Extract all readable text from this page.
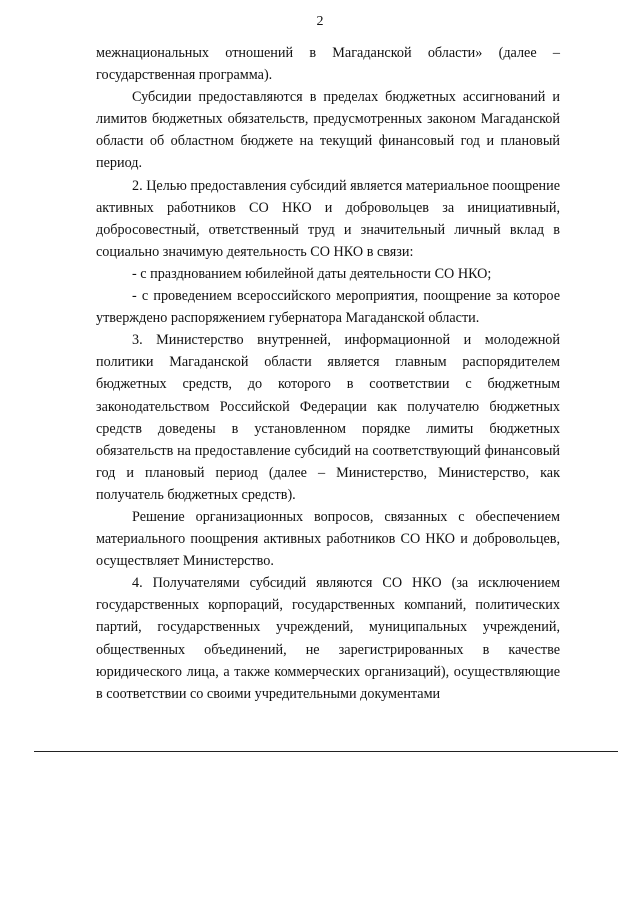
2

межнациональных отношений в Магаданской области» (далее – государственная программа).

Субсидии предоставляются в пределах бюджетных ассигнований и лимитов бюджетных обязательств, предусмотренных законом Магаданской области об областном бюджете на текущий финансовый год и плановый период.

2. Целью предоставления субсидий является материальное поощрение активных работников СО НКО и добровольцев за инициативный, добросовестный, ответственный труд и значительный личный вклад в социально значимую деятельность СО НКО в связи:

- с празднованием юбилейной даты деятельности СО НКО;

- с проведением всероссийского мероприятия, поощрение за которое утверждено распоряжением губернатора Магаданской области.

3. Министерство внутренней, информационной и молодежной политики Магаданской области является главным распорядителем бюджетных средств, до которого в соответствии с бюджетным законодательством Российской Федерации как получателю бюджетных средств доведены в установленном порядке лимиты бюджетных обязательств на предоставление субсидий на соответствующий финансовый год и плановый период (далее – Министерство, Министерство, как получатель бюджетных средств).

Решение организационных вопросов, связанных с обеспечением материального поощрения активных работников СО НКО и добровольцев, осуществляет Министерство.

4. Получателями субсидий являются СО НКО (за исключением государственных корпораций, государственных компаний, политических партий, государственных учреждений, муниципальных учреждений, общественных объединений, не зарегистрированных в качестве юридического лица, а также коммерческих организаций), осуществляющие в соответствии со своими учредительными документами
